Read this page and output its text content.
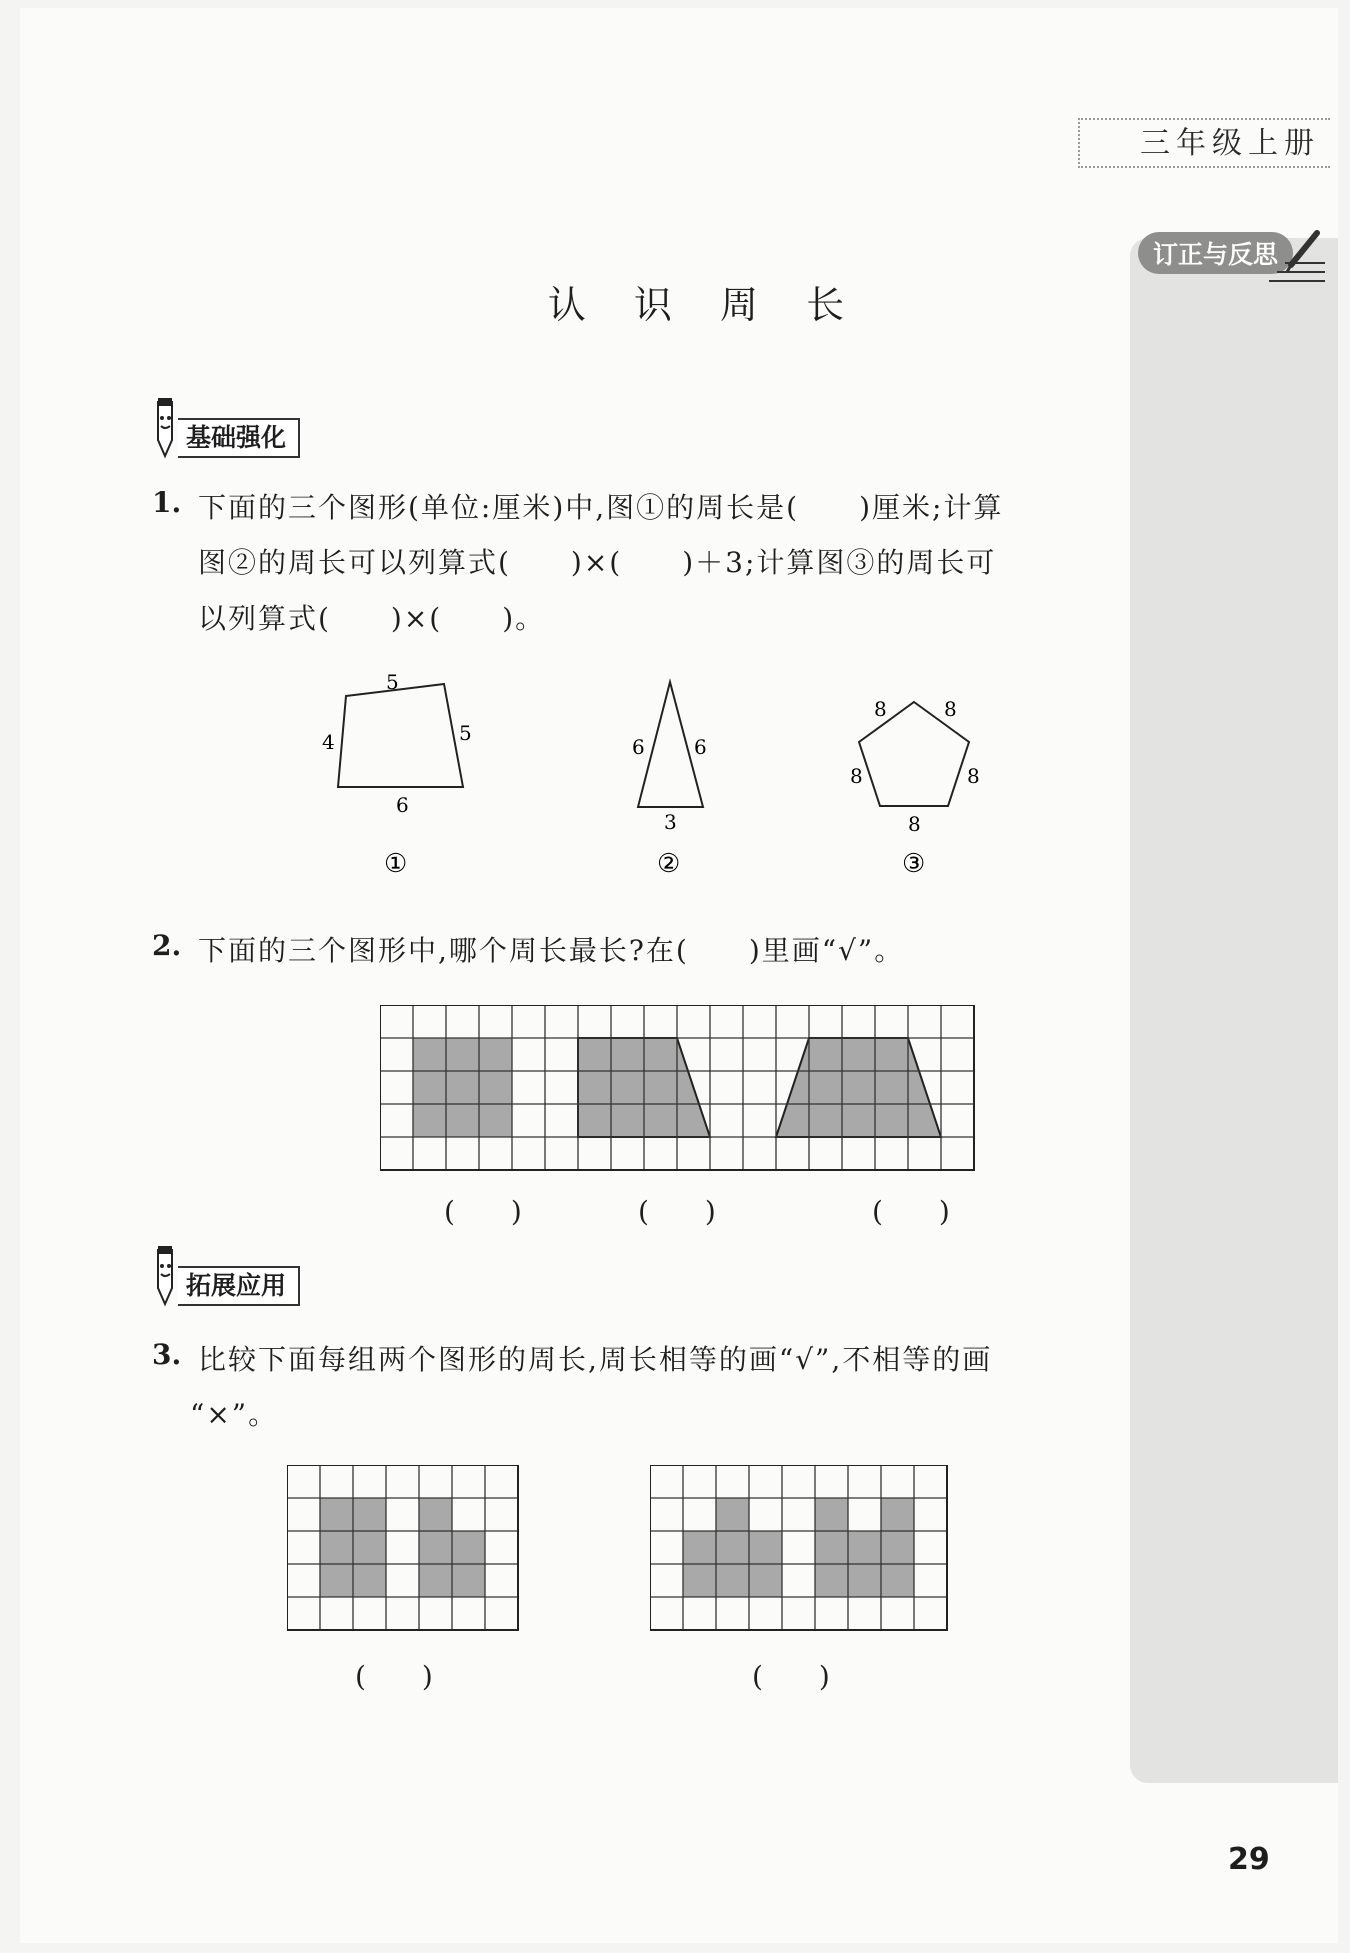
三年级上册
订正与反思
认 识 周 长
基础强化
1. 下面的三个图形(单位:厘米)中,图①的周长是(　　)厘米;计算
图②的周长可以列算式(　　)×(　　)＋3;计算图③的周长可
以列算式(　　)×(　　)。
5
4	5
6
①
6 6
3
②
8	8
8	8
8
③
2. 下面的三个图形中,哪个周长最长?在(　　)里画“√”。
(　　)	(　　)	(　　)
拓展应用
3. 比较下面每组两个图形的周长,周长相等的画“√”,不相等的画
“×”。
(　　)	(　　)
29
